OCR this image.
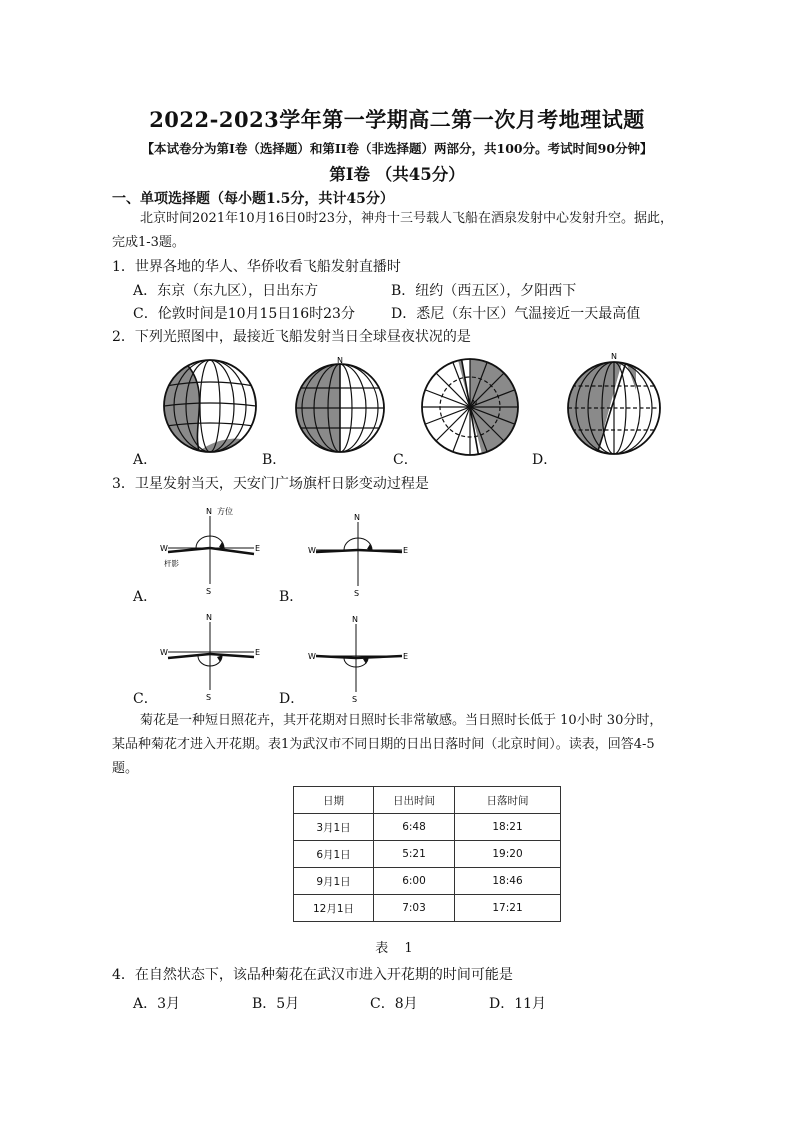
2022-2023学年第一学期高二第一次月考地理试题
【本试卷分为第I卷（选择题）和第II卷（非选择题）两部分，共100分。考试时间90分钟】
第I卷 （共45分）
一、单项选择题（每小题1.5分，共计45分）
北京时间2021年10月16日0时23分，神舟十三号载人飞船在酒泉发射中心发射升空。据此，
完成1-3题。
1．世界各地的华人、华侨收看飞船发射直播时
A．东京（东九区），日出东方	B．纽约（西五区），夕阳西下
C．伦敦时间是10月15日16时23分	D．悉尼（东十区）气温接近一天最高值
2．下列光照图中，最接近飞船发射当日全球昼夜状况的是
A．
N
B．
N
C．
N
D．
3．卫星发射当天，天安门广场旗杆日影变动过程是
N 方位
S
W	E
杆影
A．
N
S
W	E
B．
N
S
W	E
C．
N
S
W	E
D．
菊花是一种短日照花卉，其开花期对日照时长非常敏感。当日照时长低于 10小时 30分时，
某品种菊花才进入开花期。表1为武汉市不同日期的日出日落时间（北京时间）。读表，回答4-5
题。
日期	日出时间	日落时间
3月1日	6:48	18:21
6月1日	5:21	19:20
9月1日	6:00	18:46
12月1日	7:03	17:21
表 1
4．在自然状态下，该品种菊花在武汉市进入开花期的时间可能是
A．3月	B．5月	C．8月	D．11月
